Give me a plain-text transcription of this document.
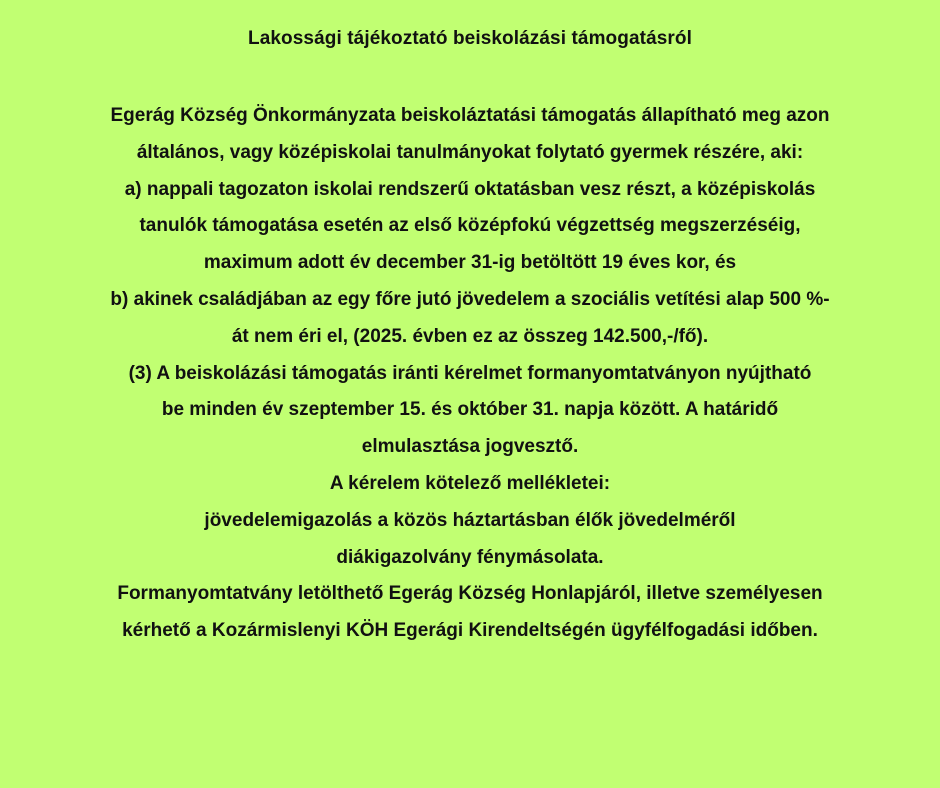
Lakossági tájékoztató beiskolázási támogatásról
Egerág Község Önkormányzata beiskoláztatási támogatás állapítható meg azon
általános, vagy középiskolai tanulmányokat folytató gyermek részére, aki:
a) nappali tagozaton iskolai rendszerű oktatásban vesz részt, a középiskolás
tanulók támogatása esetén az első középfokú végzettség megszerzéséig,
maximum adott év december 31-ig betöltött 19 éves kor, és
b) akinek családjában az egy főre jutó jövedelem a szociális vetítési alap 500 %-
át nem éri el, (2025. évben ez az összeg 142.500,-/fő).
(3) A beiskolázási támogatás iránti kérelmet formanyomtatványon nyújtható
be minden év szeptember 15. és október 31. napja között. A határidő
elmulasztása jogvesztő.
A kérelem kötelező mellékletei:
jövedelemigazolás a közös háztartásban élők jövedelméről
diákigazolvány fénymásolata.
Formanyomtatvány letölthető Egerág Község Honlapjáról, illetve személyesen
kérhető a Kozármislenyi KÖH Egerági Kirendeltségén ügyfélfogadási időben.
